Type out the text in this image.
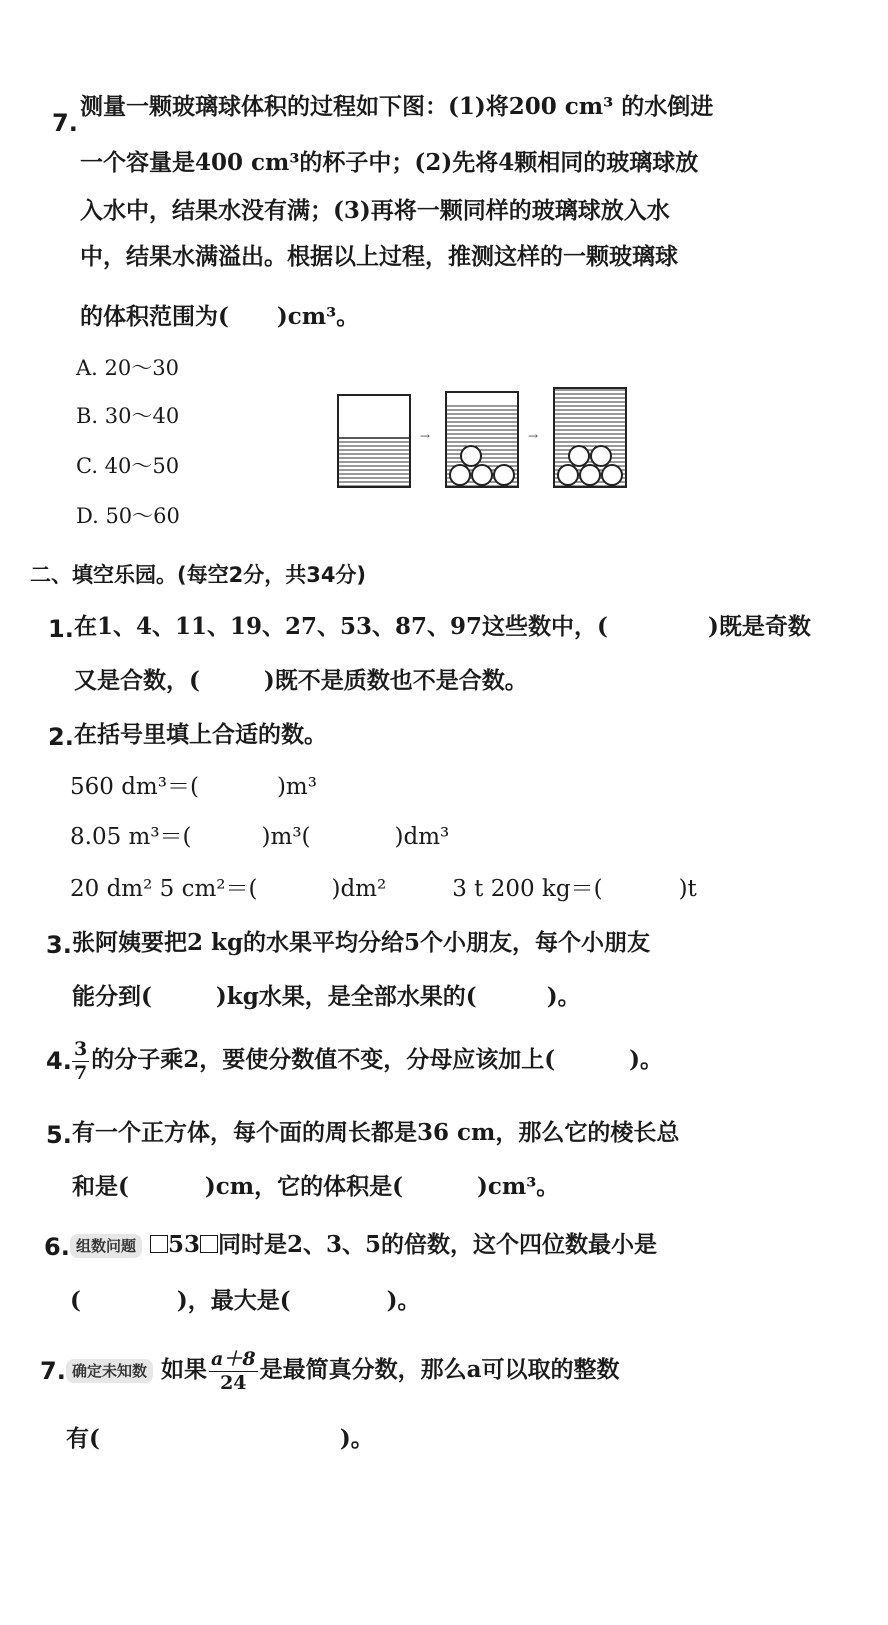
7.
测量一颗玻璃球体积的过程如下图：(1)将200 cm³ 的水倒进
一个容量是400 cm³的杯子中；(2)先将4颗相同的玻璃球放
入水中，结果水没有满；(3)再将一颗同样的玻璃球放入水
中，结果水满溢出。根据以上过程，推测这样的一颗玻璃球
的体积范围为( )cm³。
A. 20～30
B. 30～40
C. 40～50
D. 50～60
→	→
二、填空乐园。(每空2分，共34分)
1. 在1、4、11、19、27、53、87、97这些数中，(	)既是奇数
又是合数，(	)既不是质数也不是合数。
2. 在括号里填上合适的数。
560 dm³＝(	)m³
8.05 m³＝(	)m³(	)dm³
20 dm² 5 cm²＝(	)dm²	3 t 200 kg＝(	)t
3. 张阿姨要把2 kg的水果平均分给5个小朋友，每个小朋友
能分到(	)kg水果，是全部水果的(	)。
4. $\frac{3}{7}$ 的分子乘2，要使分数值不变，分母应该加上(	)。
5. 有一个正方体，每个面的周长都是36 cm，那么它的棱长总
和是(	)cm，它的体积是(	)cm³。
6. 组数问题 53 同时是2、3、5的倍数，这个四位数最小是
(	)，最大是(	)。
7. 确定未知数 如果 $\frac{a+8}{24}$ 是最简真分数，那么a可以取的整数
有(	)。
